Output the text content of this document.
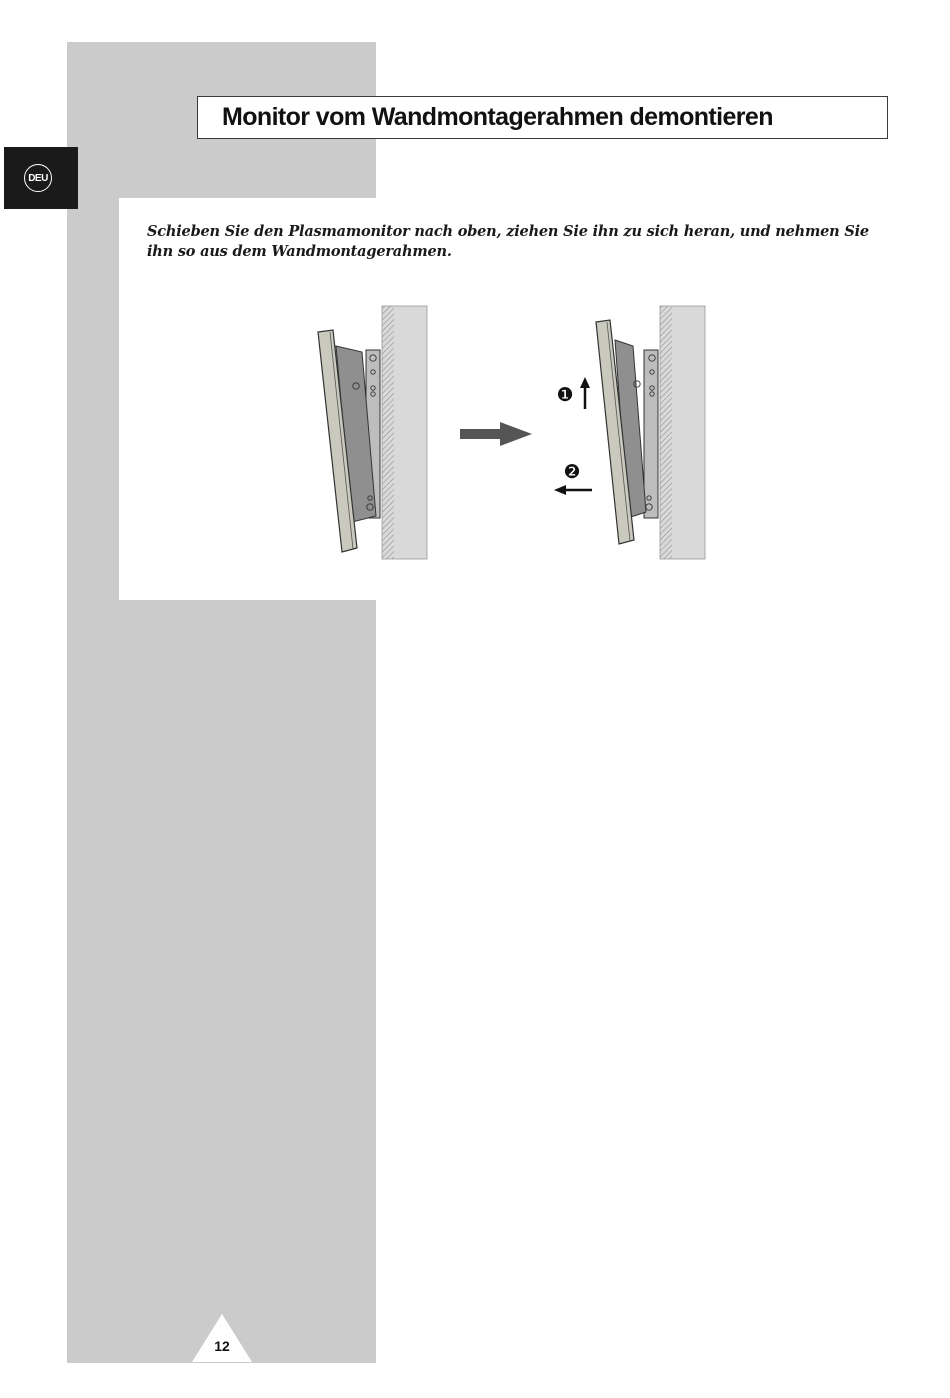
Monitor vom Wandmontagerahmen demontieren
DEU

Schieben Sie den Plasmamonitor nach oben, ziehen Sie ihn zu sich heran, und nehmen Sie ihn so aus dem Wandmontagerahmen.

❶
❷
12
